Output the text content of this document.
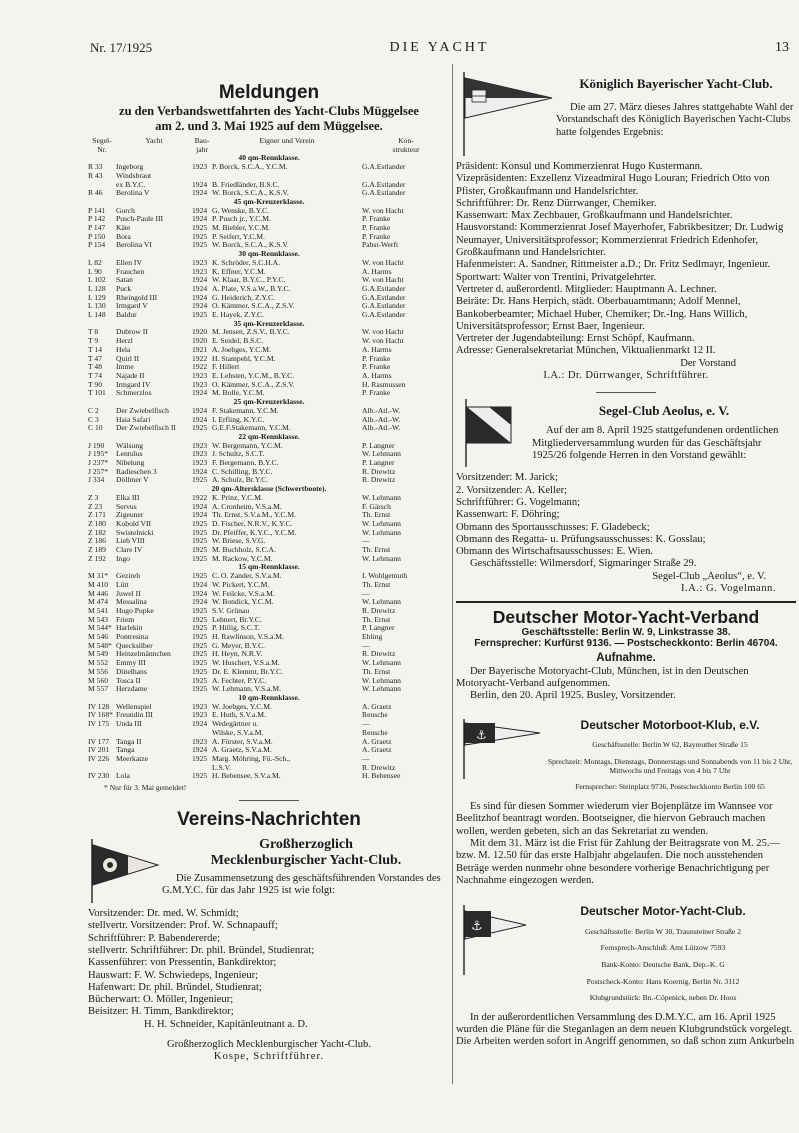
Nr. 17/1925	DIE YACHT	13
Meldungen
zu den Verbandswettfahrten des Yacht-Clubs Müggelsee
am 2. und 3. Mai 1925 auf dem Müggelsee.
Segel-	Yacht	Bau-	Eigner und Verein	Kon-
Nr.		jahr		strukteur
40 qm-Rennklasse.				
R 33	Ingeborg	1923	P. Borck, S.C.A., Y.C.M.	G.A.Estlander
R 43	Windsbraut			
	ex B.Y.C.	1924	B. Friedländer, B.S.C.	G.A.Estlander
R 46	Berolina V	1924	W. Borck, S.C.A., K.S.V.	G.A.Estlander
45 qm-Kreuzerklasse.				
P 141	Gorch	1924	G. Wenske, B.Y.C.	W. von Hacht
P 142	Pusch-Paule III	1924	P. Pusch jr., Y.C.M.	P. Franke
P 147	Käte	1925	M. Biebler, Y.C.M.	P. Franke
P 150	Bora	1925	P. Seifert, Y.C.M.	P. Franke
P 154	Berolina VI	1925	W. Borck, S.C.A., K.S.V.	Pabst-Werft
30 qm-Rennklasse.				
L 82	Ellen IV	1923	K. Schröder, S.C.H.A.	W. von Hacht
L 90	Frauchen	1923	K. Effner, Y.C.M.	A. Harms
L 102	Satan	1924	W. Klaar, B.Y.C., P.Y.C.	W. von Hacht
L 128	Puck	1924	A. Plate, V.S.a.W., B.Y.C.	G.A.Estlander
L 129	Rheingold III	1924	G. Heiderich, Z.Y.C.	G.A.Estlander
L 130	Irmgard V	1924	O. Kämmer, S.C.A., Z.S.V.	G.A.Estlander
L 148	Baldur	1925	E. Hayek, Z.Y.C.	G.A.Estlander
35 qm-Kreuzerklasse.				
T 8	Dubrow II	1920	M. Jensen, Z.S.V., B.Y.C.	W. von Hacht
T 9	Herzl	1920	E. Seidel, B.S.C.	W. von Hacht
T 14	Hela	1921	A. Joebges, Y.C.M.	A. Harms
T 47	Quirl II	1922	H. Stampehl, Y.C.M.	P. Franke
T 48	Imme	1922	F. Hillert	P. Franke
T 74	Najade II	1923	E. Lehsten, Y.C.M., B.Y.C.	A. Harms
T 90	Irmgard IV	1923	O. Kämmer, S.C.A., Z.S.V.	H. Rasmussen
T 101	Schmerzlos	1924	M. Bolle, Y.C.M.	P. Franke
25 qm-Kreuzerklasse.				
C 2	Der Zwiebelfisch	1924	F. Stakemann, Y.C.M.	Alb.-Atl.-W.
C 3	Haia Safari	1924	I. Erfling, K.Y.C.	Alb.-Atl.-W.
C 10	Der Zwiebelfisch II	1925	G.E.F.Stakemann, Y.C.M.	Alb.-Atl.-W.
22 qm-Rennklasse.				
J 190	Wälsung	1923	W. Bergemann, Y.C.M.	P. Langner
J 195*	Lentulus	1923	J. Schultz, S.C.T.	W. Lehmann
J 237*	Nibelung	1923	F. Bergemann, B.Y.C.	P. Langner
J 257*	Radieschen 3	1924	C. Schilling, B.Y.C.	R. Drewitz
J 334	Döllmer V	1925	A. Schulz, Br.Y.C.	R. Drewitz
20 qm-Altersklasse (Schwertboote).				
Z 3	Elka III	1922	K. Prinz, Y.C.M.	W. Lehmann
Z 23	Servus	1924	A. Cronheim, V.S.a.M.	F. Gärsch
Z 171	Zigeuner	1924	Th. Ernst, S.V.a.M., Y.C.M.	Th. Ernst
Z 180	Kobold VII	1925	D. Fischer, N.R.V., K.Y.C.	W. Lehmann
Z 182	Swistelnicki	1925	Dr. Pfeiffer, K.Y.C., Y.C.M.	W. Lehmann
Z 186	Lieb VIII	1925	W. Briese, S.V.G.	—
Z 189	Clare IV	1925	M. Buchholz, S.C.A.	Th. Ernst
Z 192	Ingo	1925	M. Rackow, Y.C.M.	W. Lehmann
15 qm-Rennklasse.				
M 31*	Gezireh	1925	C. O. Zander, S.V.a.M.	I. Wohlgemuth
M 410	Lütt	1924	W. Pickert, Y.C.M.	Th. Ernst
M 446	Juwel II	1924	W. Feilcke, V.S.a.M.	—
M 474	Messalina	1924	W. Bondick, Y.C.M.	W. Lehmann
M 541	Hugo Pupke	1925	S.V. Grünau	R. Drewitz
M 543	Friem	1925	Lehnert, Br.Y.C.	Th. Ernst
M 544*	Harlekin	1925	P. Hillig, S.C.T.	P. Langner
M 546	Pontresina	1925	H. Rawlinson, V.S.a.M.	Ehling
M 548*	Quecksilber	1925	G. Meyer, B.Y.C.	—
M 549	Heinzelmännchen	1925	H. Heyn, N.R.V.	R. Drewitz
M 552	Emmy III	1925	W. Huschert, V.S.a.M.	W. Lehmann
M 556	Dütelhans	1925	Dr. E. Klemmt, Br.Y.C.	Th. Ernst
M 560	Tosca II	1925	A. Fechter, P.Y.C.	W. Lehmann
M 557	Herzdame	1925	W. Lehmann, V.S.a.M.	W. Lehmann
10 qm-Rennklasse.				
IV 128	Wellenspiel	1923	W. Joebges, Y.C.M.	A. Graetz
IV 168*	Freundin III	1923	E. Huth, S.V.a.M.	Reusche
IV 175	Unda III	1924	Wedegärtner u.	—
			Wilske, S.V.a.M.	Reusche
IV 177	Tanga II	1923	A. Förster, S.V.a.M.	A. Graetz
IV 201	Tanga	1924	A. Graetz, S.V.a.M.	A. Graetz
IV 226	Meerkatze	1925	Marg. Möhring, Fü.-Sch.,	—
			L.S.V.	R. Drewitz
IV 230	Lola	1925	H. Bebensee, S.V.a.M.	H. Bebensee
* Nur für 3. Mai gemeldet!
Vereins-Nachrichten
Großherzoglich
Mecklenburgischer Yacht-Club.

Die Zusammensetzung des geschäftsführenden Vorstandes des G.M.Y.C. für das Jahr 1925 ist wie folgt:

Vorsitzender: Dr. med. W. Schmidt;

stellvertr. Vorsitzender: Prof. W. Schnapauff;

Schriftführer: P. Babendererde;

stellvertr. Schriftführer: Dr. phil. Bründel, Studienrat;

Kassenführer: von Pressentin, Bankdirektor;

Hauswart: F. W. Schwiedeps, Ingenieur;

Hafenwart: Dr. phil. Bründel, Studienrat;

Bücherwart: O. Möller, Ingenieur;

Beisitzer: H. Timm, Bankdirektor;

H. H. Schneider, Kapitänleutnant a. D.

Großherzoglich Mecklenburgischer Yacht-Club.

Kospe, Schriftführer.

Königlich Bayerischer Yacht-Club.

Die am 27. März dieses Jahres stattgehabte Wahl der Vorstandschaft des Königlich Bayerischen Yacht-Clubs hatte folgendes Ergebnis:

Präsident: Konsul und Kommerzienrat Hugo Kustermann.

Vizepräsidenten: Exzellenz Vizeadmiral Hugo Louran; Friedrich Otto von Pfister, Großkaufmann und Handelsrichter.

Schriftführer: Dr. Renz Dürrwanger, Chemiker.

Kassenwart: Max Zechbauer, Großkaufmann und Handelsrichter.

Hausvorstand: Kommerzienrat Josef Mayerhofer, Fabrikbesitzer; Dr. Ludwig Neumayer, Universitätsprofessor; Kommerzienrat Friedrich Edenhofer, Großkaufmann und Handelsrichter.

Hafenmeister: A. Sandner, Rittmeister a.D.; Dr. Fritz Sedlmayr, Ingenieur.

Sportwart: Walter von Trentini, Privatgelehrter.

Vertreter d. außerordentl. Mitglieder: Hauptmann A. Lechner.

Beiräte: Dr. Hans Herpich, städt. Oberbauamtmann; Adolf Mennel, Bankoberbeamter; Michael Huber, Chemiker; Dr.-Ing. Hans Willich, Universitätsprofessor; Ernst Baer, Ingenieur.

Vertreter der Jugendabteilung: Ernst Schöpf, Kaufmann.

Adresse: Generalsekretariat München, Viktualienmarkt 12 II.

Der Vorstand

I.A.: Dr. Dürrwanger, Schriftführer.

Segel-Club Aeolus, e. V.

Auf der am 8. April 1925 stattgefundenen ordentlichen Mitgliederversammlung wurden für das Geschäftsjahr 1925/26 folgende Herren in den Vorstand gewählt:

Vorsitzender: M. Jarick;

2. Vorsitzender: A. Keller;

Schriftführer: G. Vogelmann;

Kassenwart: F. Döhring;

Obmann des Sportausschusses: F. Gladebeck;

Obmann des Regatta- u. Prüfungsausschusses: K. Gosslau;

Obmann des Wirtschaftsausschusses: E. Wien.

Geschäftsstelle: Wilmersdorf, Sigmaringer Straße 29.

Segel-Club „Aeolus“, e. V.

I.A.: G. Vogelmann.

Deutscher Motor-Yacht-Verband
Geschäftsstelle: Berlin W. 9, Linkstrasse 38.
Fernsprecher: Kurfürst 9136. — Postscheckkonto: Berlin 46704.
Aufnahme.

Der Bayerische Motoryacht-Club, München, ist in den Deutschen Motoryacht-Verband aufgenommen.

Berlin, den 20. April 1925. Busley, Vorsitzender.

⚓
Deutscher Motorboot-Klub, e.V.

Geschäftsstelle: Berlin W 62, Bayreuther Straße 15

Sprechzeit: Montags, Dienstags, Donnerstags und Sonnabends von 11 bis 2 Uhr, Mittwochs und Freitags von 4 bis 7 Uhr

Fernsprecher: Steinplatz 9736, Postscheckkonto Berlin 100 65

Es sind für diesen Sommer wiederum vier Bojenplätze im Wannsee vor Beelitzhof beantragt worden. Bootseigner, die hiervon Gebrauch machen wollen, werden gebeten, sich an das Sekretariat zu wenden.

Mit dem 31. März ist die Frist für Zahlung der Beitragsrate von M. 25.— bzw. M. 12.50 für das erste Halbjahr abgelaufen. Die noch ausstehenden Beträge werden nunmehr ohne besondere vorherige Benachrichtigung per Nachnahme eingezogen werden.

⚓
Deutscher Motor-Yacht-Club.

Geschäftsstelle: Berlin W 30, Traunsteiner Straße 2

Fernsprech-Anschluß: Amt Lützow 7593

Bank-Konto: Deutsche Bank, Dep.-K. G

Postscheck-Konto: Hans Koernig, Berlin Nr. 3112

Klubgrundstück: Bn.-Cöpenick, neben Dr. Hoos

In der außerordentlichen Versammlung des D.M.Y.C. am 16. April 1925 wurden die Pläne für die Steganlagen an dem neuen Klubgrundstück vorgelegt. Die Arbeiten werden sofort in Angriff genommen, so daß schon zum Ankurbeln
